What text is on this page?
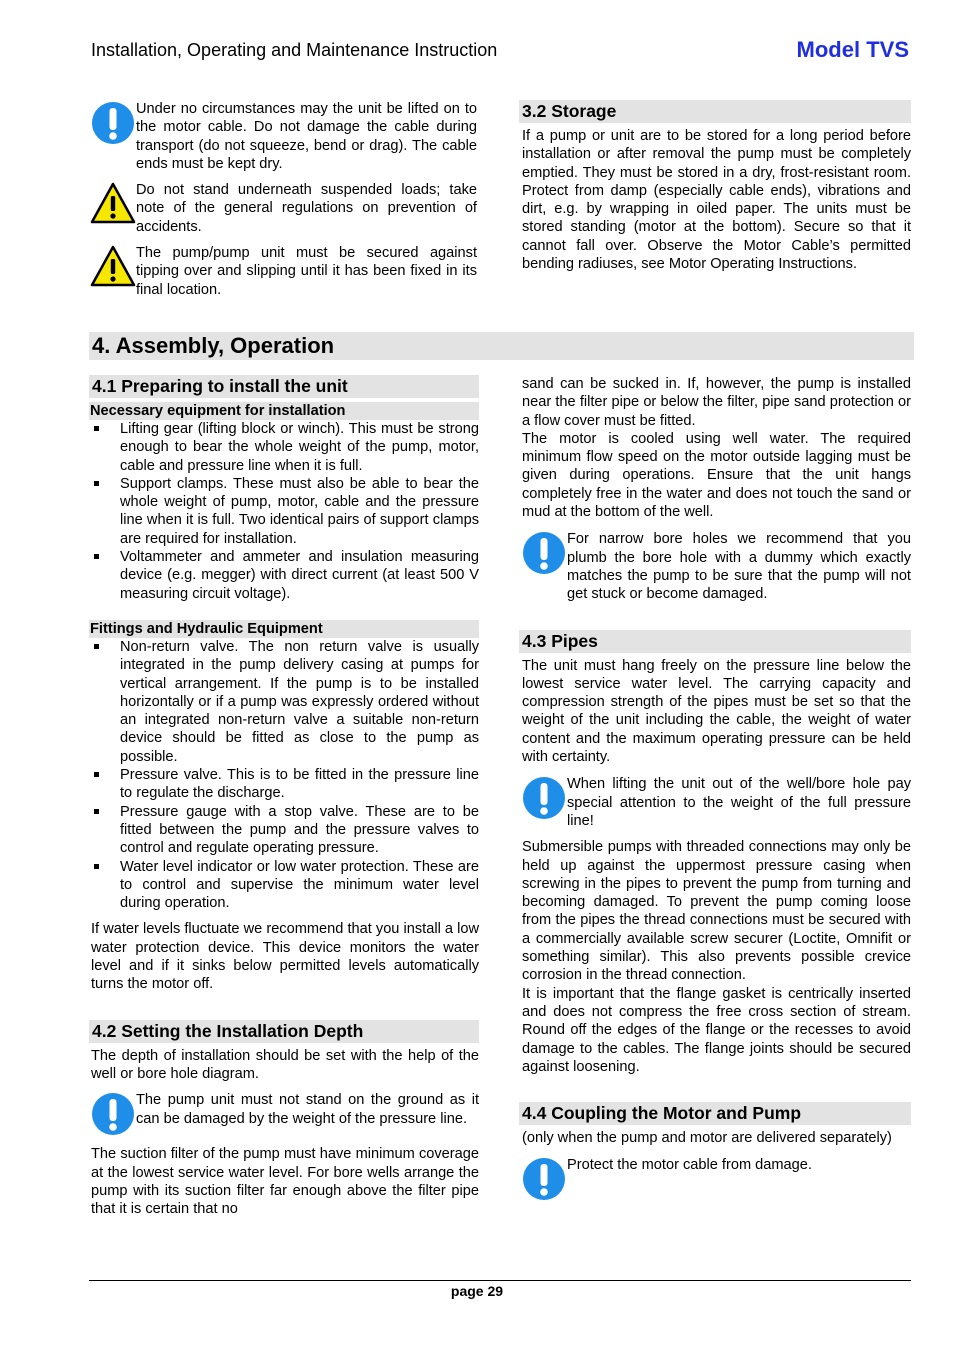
Installation, Operating and Maintenance Instruction	Model TVS
Under no circumstances may the unit be lifted on to the motor cable. Do not damage the cable during transport (do not squeeze, bend or drag). The cable ends must be kept dry.
Do not stand underneath suspended loads; take note of the general regulations on prevention of accidents.
The pump/pump unit must be secured against tipping over and slipping until it has been fixed in its final location.
3.2 Storage

If a pump or unit are to be stored for a long period before installation or after removal the pump must be completely emptied. They must be stored in a dry, frost-resistant room. Protect from damp (especially cable ends), vibrations and dirt, e.g. by wrapping in oiled paper. The units must be stored standing (motor at the bottom). Secure so that it cannot fall over. Observe the Motor Cable’s permitted bending radiuses, see Motor Operating Instructions.

4. Assembly, Operation
4.1 Preparing to install the unit
Necessary equipment for installation
Lifting gear (lifting block or winch). This must be strong enough to bear the whole weight of the pump, motor, cable and pressure line when it is full.
Support clamps. These must also be able to bear the whole weight of pump, motor, cable and the pressure line when it is full. Two identical pairs of support clamps are required for installation.
Voltammeter and ammeter and insulation measuring device (e.g. megger) with direct current (at least 500 V measuring circuit voltage).
Fittings and Hydraulic Equipment
Non-return valve. The non return valve is usually integrated in the pump delivery casing at pumps for vertical arrangement. If the pump is to be installed horizontally or if a pump was expressly ordered without an integrated non-return valve a suitable non-return device should be fitted as close to the pump as possible.
Pressure valve. This is to be fitted in the pressure line to regulate the discharge.
Pressure gauge with a stop valve. These are to be fitted between the pump and the pressure valves to control and regulate operating pressure.
Water level indicator or low water protection. These are to control and supervise the minimum water level during operation.

If water levels fluctuate we recommend that you install a low water protection device. This device monitors the water level and if it sinks below permitted levels automatically turns the motor off.

4.2 Setting the Installation Depth

The depth of installation should be set with the help of the well or bore hole diagram.

The pump unit must not stand on the ground as it can be damaged by the weight of the pressure line.

The suction filter of the pump must have minimum coverage at the lowest service water level. For bore wells arrange the pump with its suction filter far enough above the filter pipe that it is certain that no

sand can be sucked in. If, however, the pump is installed near the filter pipe or below the filter, pipe sand protection or a flow cover must be fitted.

The motor is cooled using well water. The required minimum flow speed on the motor outside lagging must be given during operations. Ensure that the unit hangs completely free in the water and does not touch the sand or mud at the bottom of the well.

For narrow bore holes we recommend that you plumb the bore hole with a dummy which exactly matches the pump to be sure that the pump will not get stuck or become damaged.
4.3 Pipes

The unit must hang freely on the pressure line below the lowest service water level. The carrying capacity and compression strength of the pipes must be set so that the weight of the unit including the cable, the weight of water content and the maximum operating pressure can be held with certainty.

When lifting the unit out of the well/bore hole pay special attention to the weight of the full pressure line!

Submersible pumps with threaded connections may only be held up against the uppermost pressure casing when screwing in the pipes to prevent the pump from turning and becoming damaged. To prevent the pump coming loose from the pipes the thread connections must be secured with a commercially available screw securer (Loctite, Omnifit or something similar). This also prevents possible crevice corrosion in the thread connection.

It is important that the flange gasket is centrically inserted and does not compress the free cross section of stream. Round off the edges of the flange or the recesses to avoid damage to the cables. The flange joints should be secured against loosening.

4.4 Coupling the Motor and Pump

(only when the pump and motor are delivered separately)

Protect the motor cable from damage.
page 29
